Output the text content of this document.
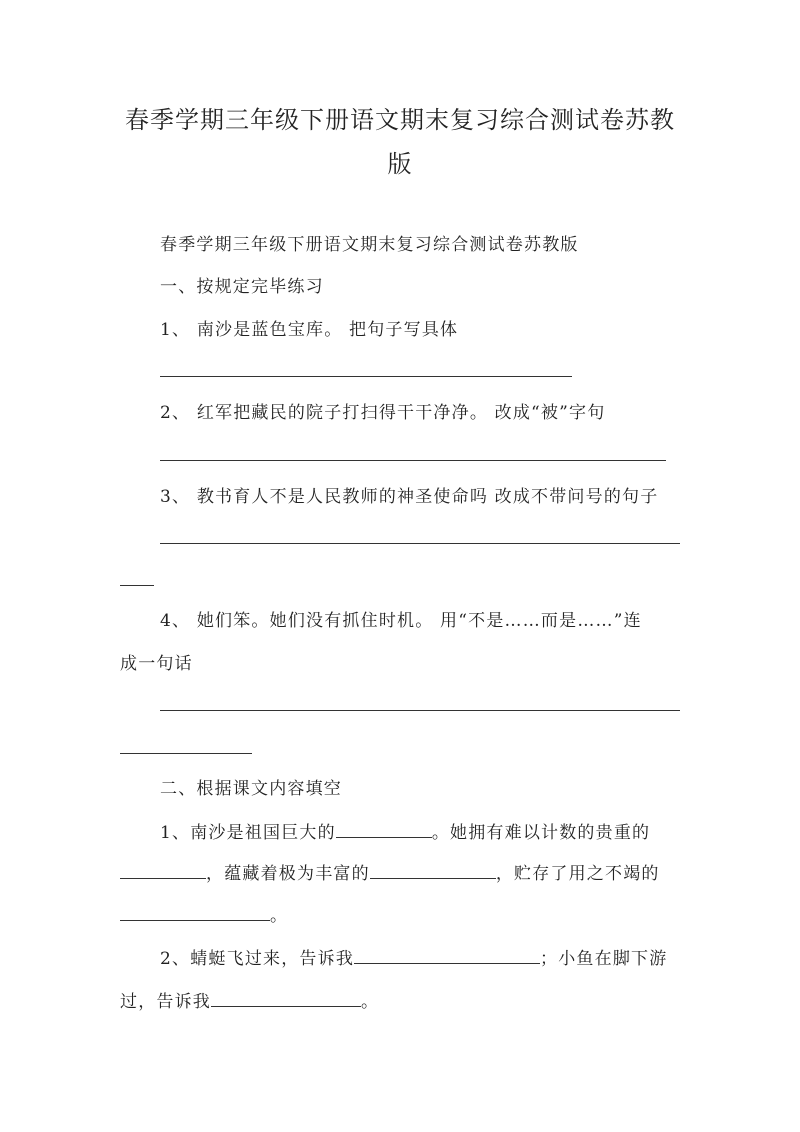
春季学期三年级下册语文期末复习综合测试卷苏教版
春季学期三年级下册语文期末复习综合测试卷苏教版
一、按规定完毕练习
1、 南沙是蓝色宝库。 把句子写具体
2、 红军把藏民的院子打扫得干干净净。 改成“被”字句
3、 教书育人不是人民教师的神圣使命吗 改成不带问号的句子
4、 她们笨。她们没有抓住时机。 用“不是……而是……”连
成一句话
二、根据课文内容填空
1、南沙是祖国巨大的	。她拥有难以计数的贵重的
，蕴藏着极为丰富的	，贮存了用之不竭的
。
2、蜻蜓飞过来，告诉我	；小鱼在脚下游
过，告诉我	。
